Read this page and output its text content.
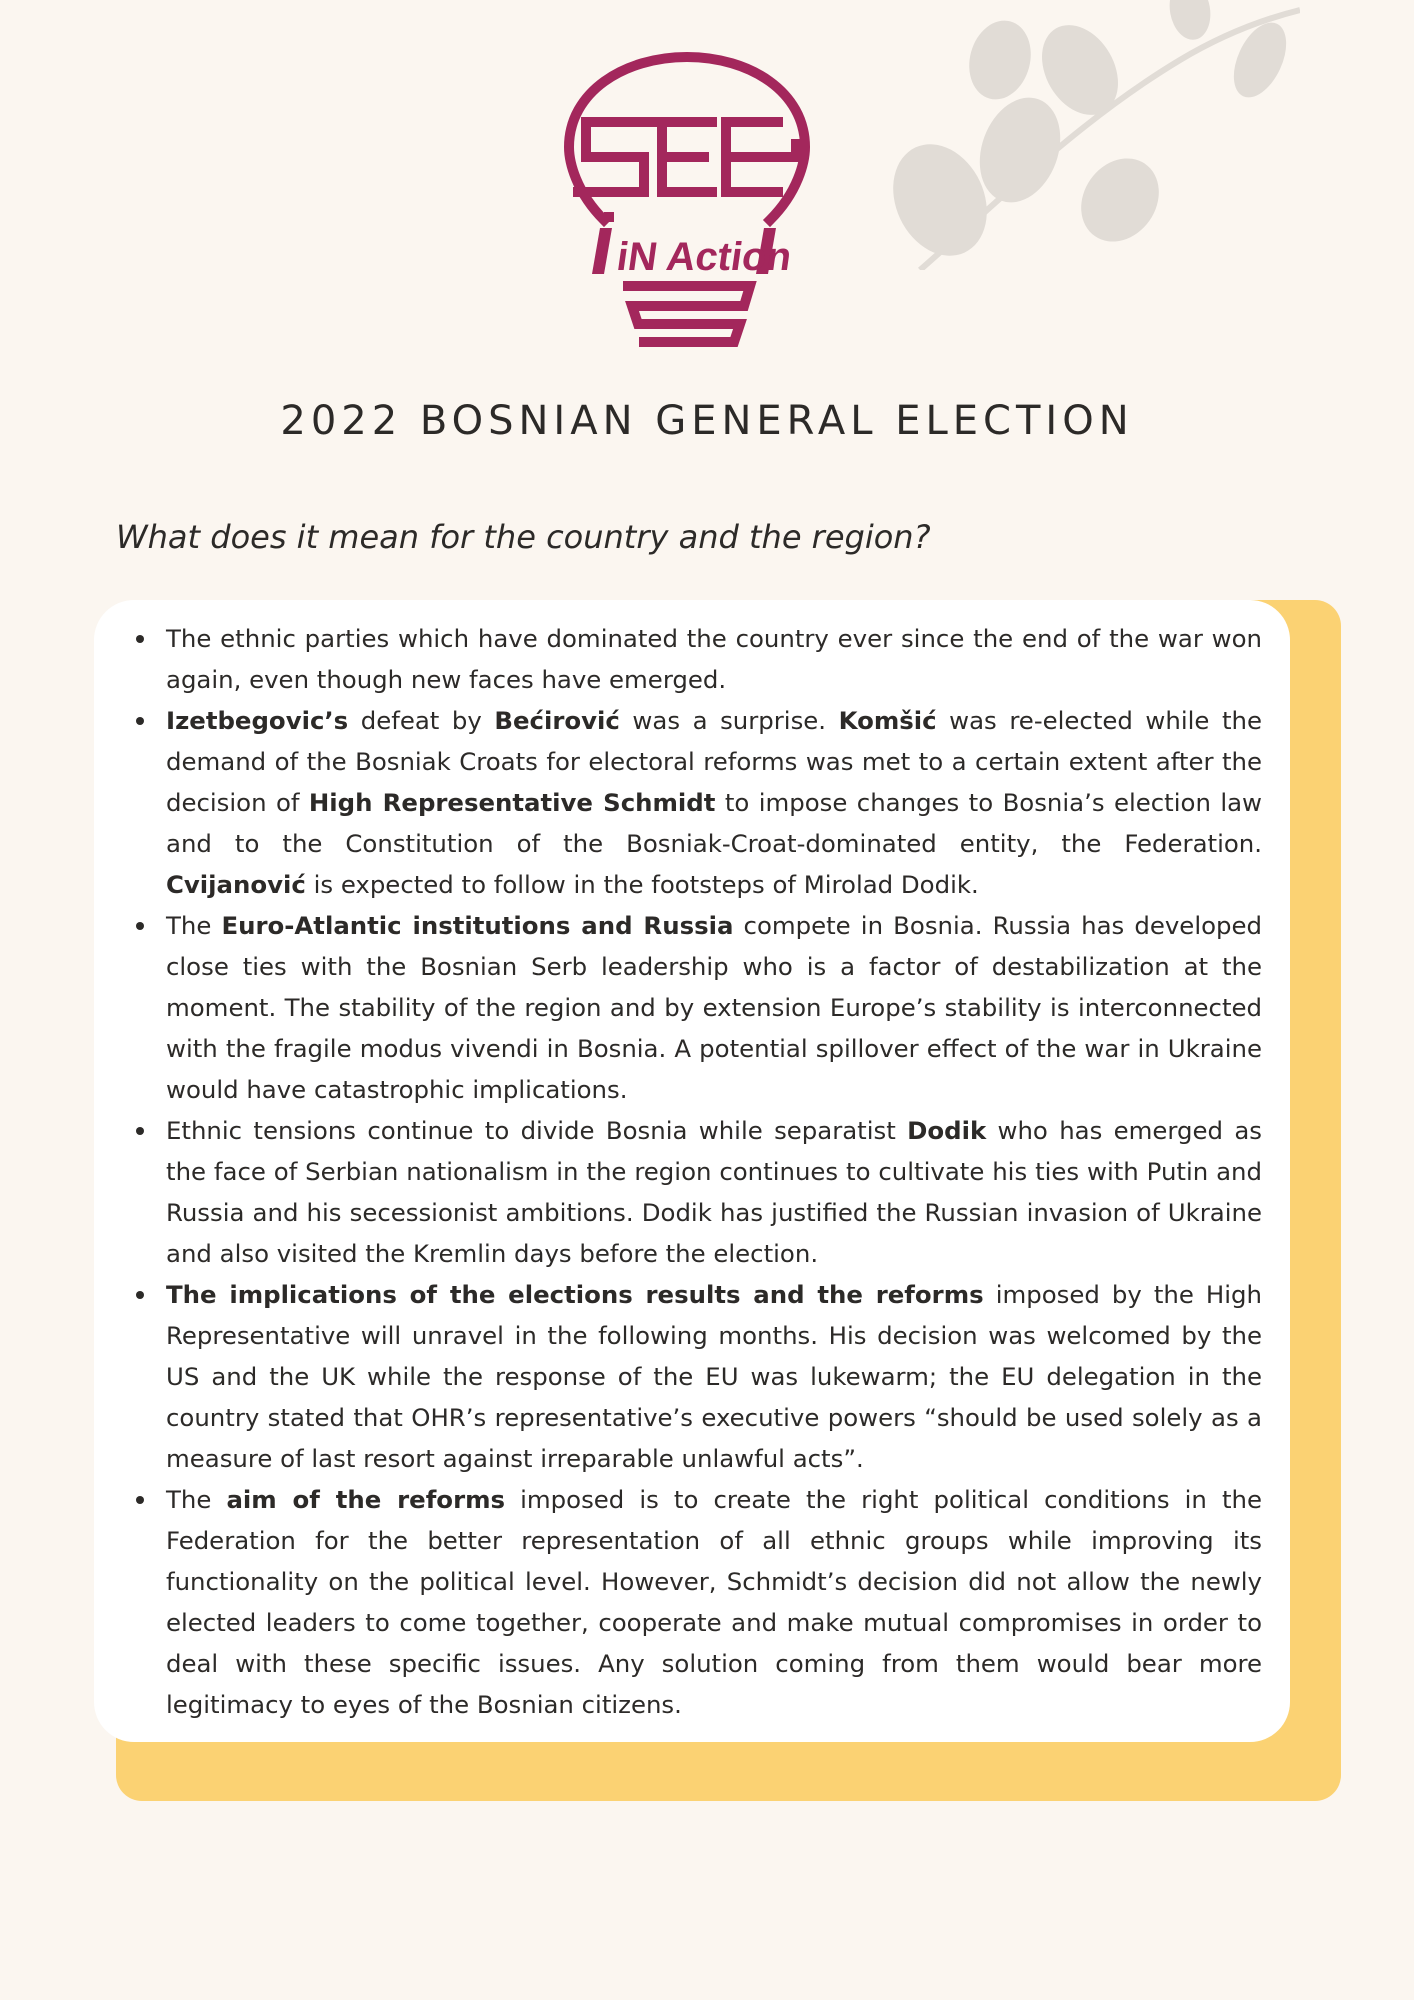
iN Action
2022 BOSNIAN GENERAL ELECTION
What does it mean for the country and the region?
The ethnic parties which have dominated the country ever since the end of the war won again, even though new faces have emerged.
Izetbegovic’s defeat by Bećirović was a surprise. Komšić was re-elected while the demand of the Bosniak Croats for electoral reforms was met to a certain extent after the decision of High Representative Schmidt to impose changes to Bosnia’s election law and to the Constitution of the Bosniak-Croat-dominated entity, the Federation. Cvijanović is expected to follow in the footsteps of Mirolad Dodik.
The Euro-Atlantic institutions and Russia compete in Bosnia. Russia has developed close ties with the Bosnian Serb leadership who is a factor of destabilization at the moment. The stability of the region and by extension Europe’s stability is interconnected with the fragile modus vivendi in Bosnia. A potential spillover effect of the war in Ukraine would have catastrophic implications.
Ethnic tensions continue to divide Bosnia while separatist Dodik who has emerged as the face of Serbian nationalism in the region continues to cultivate his ties with Putin and Russia and his secessionist ambitions. Dodik has justified the Russian invasion of Ukraine and also visited the Kremlin days before the election.
The implications of the elections results and the reforms imposed by the High Representative will unravel in the following months. His decision was welcomed by the US and the UK while the response of the EU was lukewarm; the EU delegation in the country stated that OHR’s representative’s executive powers “should be used solely as a measure of last resort against irreparable unlawful acts”.
The aim of the reforms imposed is to create the right political conditions in the Federation for the better representation of all ethnic groups while improving its functionality on the political level. However, Schmidt’s decision did not allow the newly elected leaders to come together, cooperate and make mutual compromises in order to deal with these specific issues. Any solution coming from them would bear more legitimacy to eyes of the Bosnian citizens.
